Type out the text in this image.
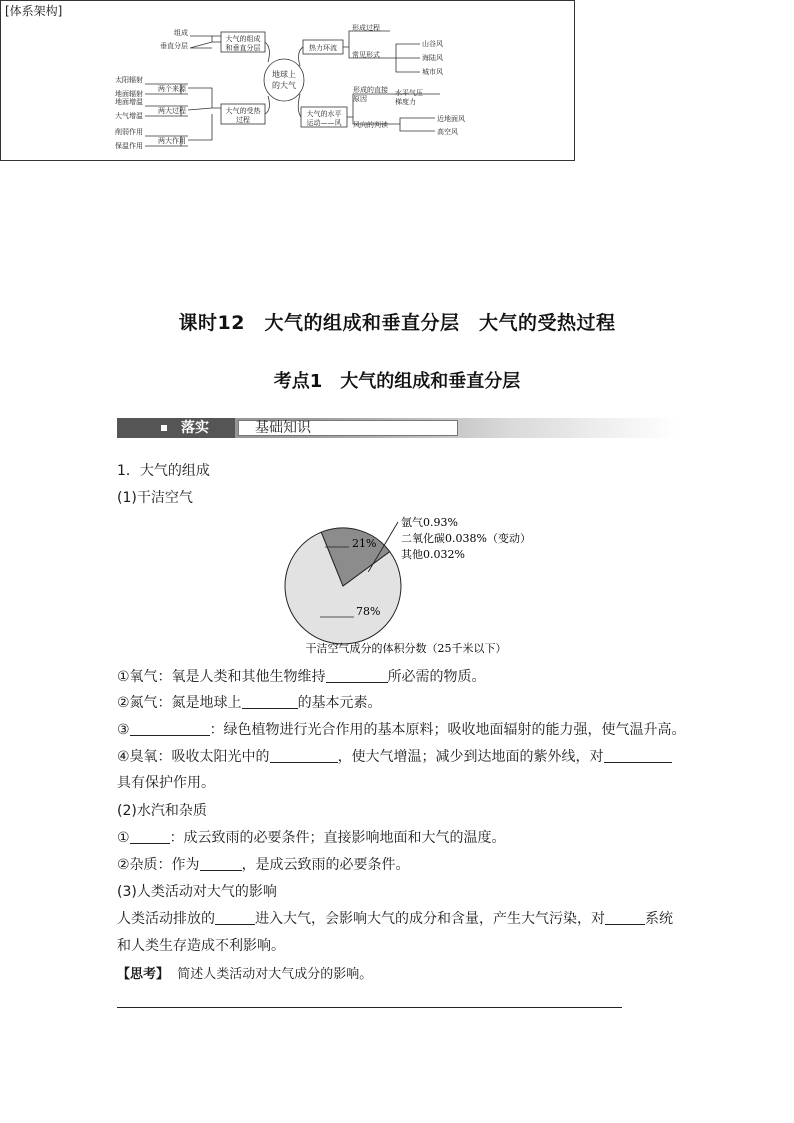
[体系架构]
地球上
的大气
大气的组成
和垂直分层
组成
垂直分层
大气的受热
过程
两个来源
两大过程
两大作用
太阳辐射
地面辐射
地面增温
大气增温
削弱作用
保温作用
热力环流
形成过程
常见形式
山谷风
海陆风
城市风
大气的水平
运动——风
形成的直接
原因
水平气压
梯度力
风向的判读
近地面风
高空风
课时12　大气的组成和垂直分层　大气的受热过程
考点1　大气的组成和垂直分层
落实	基础知识
1．大气的组成
(1)干洁空气
21%
78%
氩气0.93%
二氧化碳0.038%（变动）
其他0.032%
干洁空气成分的体积分数（25千米以下）
①氧气：氧是人类和其他生物维持	所必需的物质。
②氮气：氮是地球上	的基本元素。
③	：绿色植物进行光合作用的基本原料；吸收地面辐射的能力强，使气温升高。
④臭氧：吸收太阳光中的	，使大气增温；减少到达地面的紫外线，对
具有保护作用。
(2)水汽和杂质
①	：成云致雨的必要条件；直接影响地面和大气的温度。
②杂质：作为	，是成云致雨的必要条件。
(3)人类活动对大气的影响
人类活动排放的	进入大气，会影响大气的成分和含量，产生大气污染，对	系统
和人类生存造成不利影响。
【思考】 简述人类活动对大气成分的影响。
